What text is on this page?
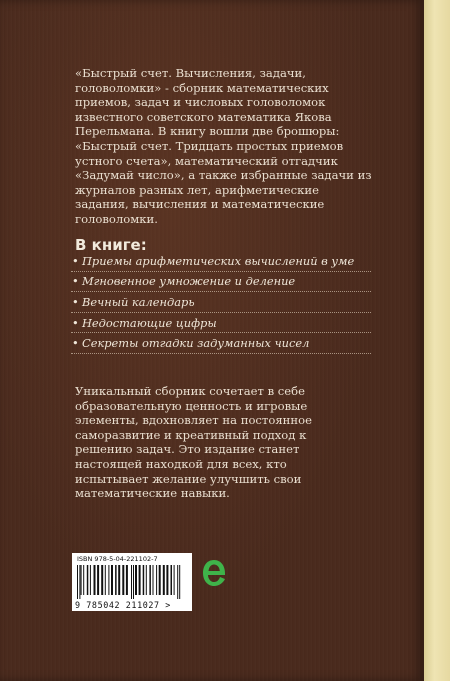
«Быстрый счет. Вычисления, задачи, головоломки» - сборник математических приемов, задач и числовых головоломок известного советского математика Якова Перельмана. В книгу вошли две брошюры: «Быстрый счет. Тридцать простых приемов устного счета», математический отгадчик «Задумай число», а также избранные задачи из журналов разных лет, арифметические задания, вычисления и математические головоломки.
В книге:
• Приемы арифметических вычислений в уме
• Мгновенное умножение и деление
• Вечный календарь
• Недостающие цифры
• Секреты отгадки задуманных чисел
Уникальный сборник сочетает в себе образовательную ценность и игровые элементы, вдохновляет на постоянное саморазвитие и креативный подход к решению задач. Это издание станет настоящей находкой для всех, кто испытывает желание улучшить свои математические навыки.
ISBN 978-5-04-221102-7
9 785042 211027 >
